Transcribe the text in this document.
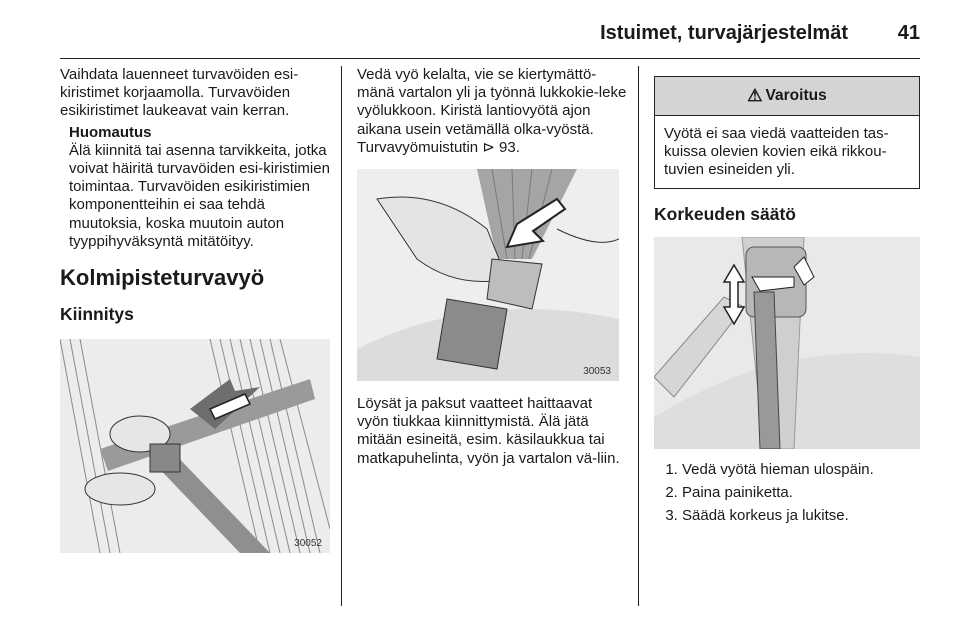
Istuimet, turvajärjestelmät 41

Vaihdata lauenneet turvavöiden esi-kiristimet korjaamolla. Turvavöiden esikiristimet laukeavat vain kerran.

Huomautus

Älä kiinnitä tai asenna tarvikkeita, jotka voivat häiritä turvavöiden esi-kiristimien toimintaa. Turvavöiden esikiristimien komponentteihin ei saa tehdä muutoksia, koska muutoin auton tyyppihyväksyntä mitätöityy.

Kolmipisteturvavyö
Kiinnitys
30052

Vedä vyö kelalta, vie se kiertymättö-mänä vartalon yli ja työnnä lukkokie-leke vyölukkoon. Kiristä lantiovyötä ajon aikana usein vetämällä olka-vyöstä. Turvavyömuistutin ⊳ 93.

30053

Löysät ja paksut vaatteet haittaavat vyön tiukkaa kiinnittymistä. Älä jätä mitään esineitä, esim. käsilaukkua tai matkapuhelinta, vyön ja vartalon vä-liin.

⚠ Varoitus
Vyötä ei saa viedä vaatteiden tas-kuissa olevien kovien eikä rikkou-tuvien esineiden yli.
Korkeuden säätö
1. Vedä vyötä hieman ulospäin.
2. Paina painiketta.
3. Säädä korkeus ja lukitse.
